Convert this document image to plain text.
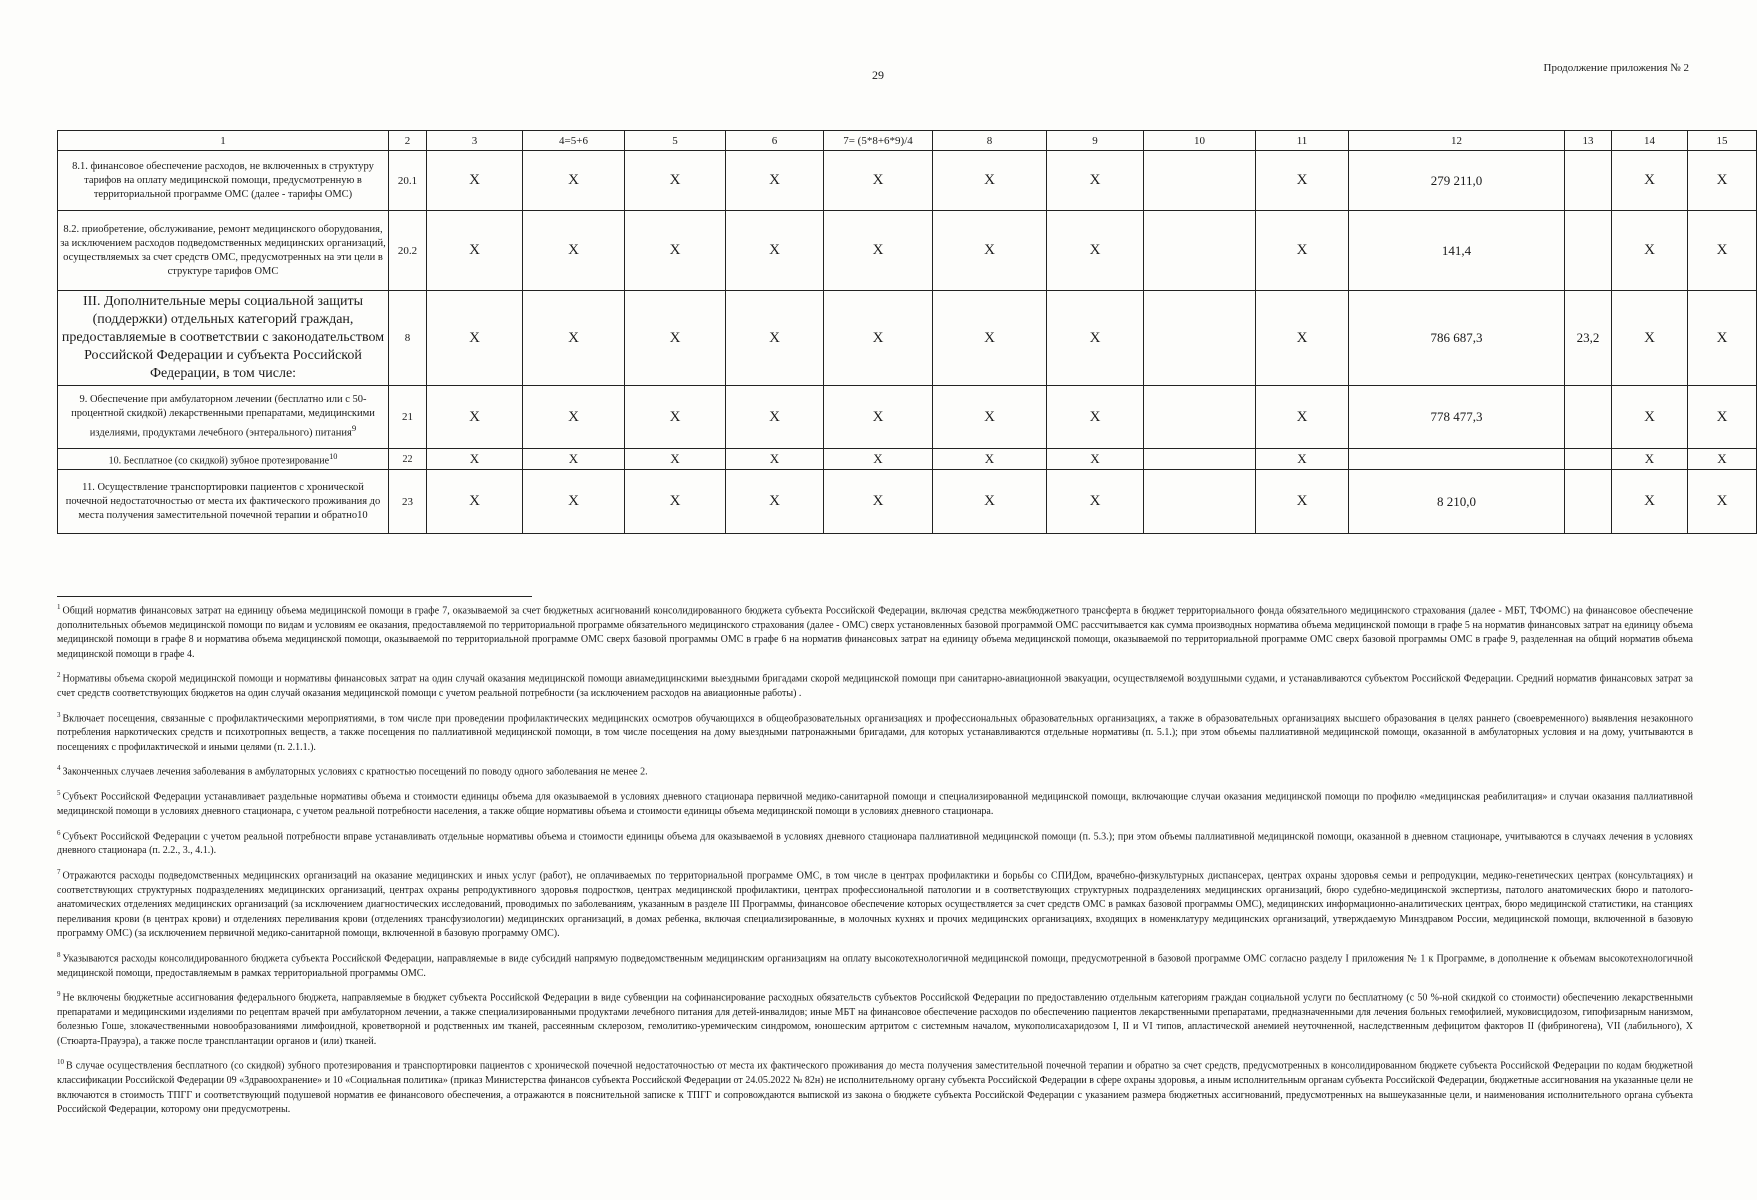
29	Продолжение приложения № 2
1	2	3	4=5+6	5	6	7= (5*8+6*9)/4	8	9	10	11	12	13	14	15
8.1. финансовое обеспечение расходов, не включенных в структуру тарифов на оплату медицинской помощи, предусмотренную в территориальной программе ОМС (далее - тарифы ОМС)	20.1	X	X	X	X	X	X	X		X	279 211,0		X	X
8.2. приобретение, обслуживание, ремонт медицинского оборудования, за исключением расходов подведомственных медицинских организаций, осуществляемых за счет средств ОМС, предусмотренных на эти цели в структуре тарифов ОМС	20.2	X	X	X	X	X	X	X		X	141,4		X	X
III. Дополнительные меры социальной защиты (поддержки) отдельных категорий граждан, предоставляемые в соответствии с законодательством Российской Федерации и субъекта Российской Федерации, в том числе:	8	X	X	X	X	X	X	X		X	786 687,3	23,2	X	X
9. Обеспечение при амбулаторном лечении (бесплатно или с 50-процентной скидкой) лекарственными препаратами, медицинскими изделиями, продуктами лечебного (энтерального) питания$^9$	21	X	X	X	X	X	X	X		X	778 477,3		X	X
10. Бесплатное (со скидкой) зубное протезирование$^{10}$	22	X	X	X	X	X	X	X		X			X	X
11. Осуществление транспортировки пациентов с хронической почечной недостаточностью от места их фактического проживания до места получения заместительной почечной терапии и обратно10	23	X	X	X	X	X	X	X		X	8 210,0		X	X

$^1$ Общий норматив финансовых затрат на единицу объема медицинской помощи в графе 7, оказываемой за счет бюджетных асигнований консолидированного бюджета субъекта Российской Федерации, включая средства межбюджетного трансферта в бюджет территориального фонда обязательного медицинского страхования (далее - МБТ, ТФОМС) на финансовое обеспечение дополнительных объемов медицинской помощи по видам и условиям ее оказания, предоставляемой по территориальной программе обязательного медицинского страхования (далее - ОМС) сверх установленных базовой программой ОМС рассчитывается как сумма производных норматива объема медицинской помощи в графе 5 на норматив финансовых затрат на единицу объема медицинской помощи в графе 8 и норматива объема медицинской помощи, оказываемой по территориальной программе ОМС сверх базовой программы ОМС в графе 6 на норматив финансовых затрат на единицу объема медицинской помощи, оказываемой по территориальной программе ОМС сверх базовой программы ОМС в графе 9, разделенная на общий норматив объема медицинской помощи в графе 4.

$^2$ Нормативы объема скорой медицинской помощи и нормативы финансовых затрат на один случай оказания медицинской помощи авиамедицинскими выездными бригадами скорой медицинской помощи при санитарно-авиационной эвакуации, осуществляемой воздушными судами, и устанавливаются субъектом Российской Федерации. Средний норматив финансовых затрат за счет средств соответствующих бюджетов на один случай оказания медицинской помощи с учетом реальной потребности (за исключением расходов на авиационные работы) .

$^3$ Включает посещения, связанные с профилактическими мероприятиями, в том числе при проведении профилактических медицинских осмотров обучающихся в общеобразовательных организациях и профессиональных образовательных организациях, а также в образовательных организациях высшего образования в целях раннего (своевременного) выявления незаконного потребления наркотических средств и психотропных веществ, а также посещения по паллиативной медицинской помощи, в том числе посещения на дому выездными патронажными бригадами, для которых устанавливаются отдельные нормативы (п. 5.1.); при этом объемы паллиативной медицинской помощи, оказанной в амбулаторных условия и на дому, учитываются в посещениях с профилактической и иными целями (п. 2.1.1.).

$^4$ Законченных случаев лечения заболевания в амбулаторных условиях с кратностью посещений по поводу одного заболевания не менее 2.

$^5$ Субъект Российской Федерации устанавливает раздельные нормативы объема и стоимости единицы объема для оказываемой в условиях дневного стационара первичной медико-санитарной помощи и специализированной медицинской помощи, включающие случаи оказания медицинской помощи по профилю «медицинская реабилитация» и случаи оказания паллиативной медицинской помощи в условиях дневного стационара, с учетом реальной потребности населения, а также общие нормативы объема и стоимости единицы объема медицинской помощи в условиях дневного стационара.

$^6$ Субъект Российской Федерации с учетом реальной потребности вправе устанавливать отдельные нормативы объема и стоимости единицы объема для оказываемой в условиях дневного стационара паллиативной медицинской помощи (п. 5.3.); при этом объемы паллиативной медицинской помощи, оказанной в дневном стационаре, учитываются в случаях лечения в условиях дневного стационара (п. 2.2., 3., 4.1.).

$^7$ Отражаются расходы подведомственных медицинских организаций на оказание медицинских и иных услуг (работ), не оплачиваемых по территориальной программе ОМС, в том числе в центрах профилактики и борьбы со СПИДом, врачебно-физкультурных диспансерах, центрах охраны здоровья семьи и репродукции, медико-генетических центрах (консультациях) и соответствующих структурных подразделениях медицинских организаций, центрах охраны репродуктивного здоровья подростков, центрах медицинской профилактики, центрах профессиональной патологии и в соответствующих структурных подразделениях медицинских организаций, бюро судебно-медицинской экспертизы, патолого анатомических бюро и патолого-анатомических отделениях медицинских организаций (за исключением диагностических исследований, проводимых по заболеваниям, указанным в разделе III Программы, финансовое обеспечение которых осуществляется за счет средств ОМС в рамках базовой программы ОМС), медицинских информационно-аналитических центрах, бюро медицинской статистики, на станциях переливания крови (в центрах крови) и отделениях переливания крови (отделениях трансфузиологии) медицинских организаций, в домах ребенка, включая специализированные, в молочных кухнях и прочих медицинских организациях, входящих в номенклатуру медицинских организаций, утверждаемую Минздравом России, медицинской помощи, включенной в базовую программу ОМС) (за исключением первичной медико-санитарной помощи, включенной в базовую программу ОМС).

$^8$ Указываются расходы консолидированного бюджета субъекта Российской Федерации, направляемые в виде субсидий напрямую подведомственным медицинским организациям на оплату высокотехнологичной медицинской помощи, предусмотренной в базовой программе ОМС согласно разделу I приложения № 1 к Программе, в дополнение к объемам высокотехнологичной медицинской помощи, предоставляемым в рамках территориальной программы ОМС.

$^9$ Не включены бюджетные ассигнования федерального бюджета, направляемые в бюджет субъекта Российской Федерации в виде субвенции на софинансирование расходных обязательств субъектов Российской Федерации по предоставлению отдельным категориям граждан социальной услуги по бесплатному (с 50 %-ной скидкой со стоимости) обеспечению лекарственными препаратами и медицинскими изделиями по рецептам врачей при амбулаторном лечении, а также специализированными продуктами лечебного питания для детей-инвалидов; иные МБТ на финансовое обеспечение расходов по обеспечению пациентов лекарственными препаратами, предназначенными для лечения больных гемофилией, муковисцидозом, гипофизарным нанизмом, болезнью Гоше, злокачественными новообразованиями лимфоидной, кроветворной и родственных им тканей, рассеянным склерозом, гемолитико-уремическим синдромом, юношеским артритом с системным началом, мукополисахаридозом I, II и VI типов, апластической анемией неуточненной, наследственным дефицитом факторов II (фибриногена), VII (лабильного), X (Стюарта-Прауэра), а также после трансплантации органов и (или) тканей.

$^{10}$ В случае осуществления бесплатного (со скидкой) зубного протезирования и транспортировки пациентов с хронической почечной недостаточностью от места их фактического проживания до места получения заместительной почечной терапии и обратно за счет средств, предусмотренных в консолидированном бюджете субъекта Российской Федерации по кодам бюджетной классификации Российской Федерации 09 «Здравоохранение» и 10 «Социальная политика» (приказ Министерства финансов субъекта Российской Федерации от 24.05.2022 № 82н) не исполнительному органу субъекта Российской Федерации в сфере охраны здоровья, а иным исполнительным органам субъекта Российской Федерации, бюджетные ассигнования на указанные цели не включаются в стоимость ТПГГ и соответствующий подушевой норматив ее финансового обеспечения, а отражаются в пояснительной записке к ТПГГ и сопровождаются выпиской из закона о бюджете субъекта Российской Федерации с указанием размера бюджетных ассигнований, предусмотренных на вышеуказанные цели, и наименования исполнительного органа субъекта Российской Федерации, которому они предусмотрены.
